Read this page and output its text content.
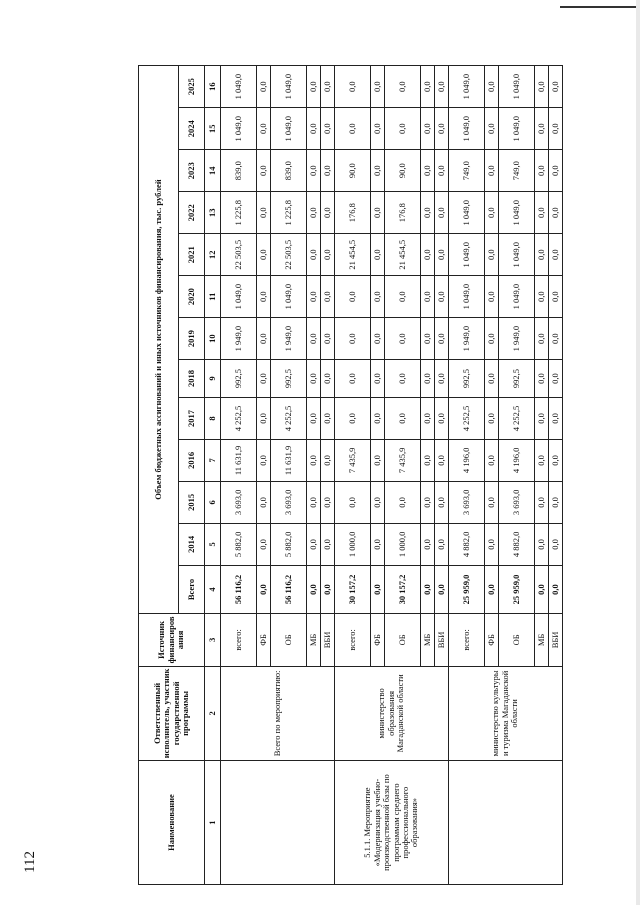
112
Наименование	Ответственный исполнитель, участник государственной программы	Источник финансирования	Объем бюджетных ассигнований и иных источников финансирования, тыс. рублей												
			Всего	2014	2015	2016	2017	2018	2019	2020	2021	2022	2023	2024	2025
1	2	3	4	5	6	7	8	9	10	11	12	13	14	15	16
	Всего по мероприятию:	всего:	56 116,2	5 882,0	3 693,0	11 631,9	4 252,5	992,5	1 949,0	1 049,0	22 503,5	1 225,8	839,0	1 049,0	1 049,0
		ФБ	0,0	0,0	0,0	0,0	0,0	0,0	0,0	0,0	0,0	0,0	0,0	0,0	0,0
		ОБ	56 116,2	5 882,0	3 693,0	11 631,9	4 252,5	992,5	1 949,0	1 049,0	22 503,5	1 225,8	839,0	1 049,0	1 049,0
		МБ	0,0	0,0	0,0	0,0	0,0	0,0	0,0	0,0	0,0	0,0	0,0	0,0	0,0
		ВБИ	0,0	0,0	0,0	0,0	0,0	0,0	0,0	0,0	0,0	0,0	0,0	0,0	0,0
5.1.1. Мероприятие «Модернизация учебно-производственной базы по программам среднего профессионального образования»	министерство образования Магаданской области	всего:	30 157,2	1 000,0	0,0	7 435,9	0,0	0,0	0,0	0,0	21 454,5	176,8	90,0	0,0	0,0
		ФБ	0,0	0,0	0,0	0,0	0,0	0,0	0,0	0,0	0,0	0,0	0,0	0,0	0,0
		ОБ	30 157,2	1 000,0	0,0	7 435,9	0,0	0,0	0,0	0,0	21 454,5	176,8	90,0	0,0	0,0
		МБ	0,0	0,0	0,0	0,0	0,0	0,0	0,0	0,0	0,0	0,0	0,0	0,0	0,0
		ВБИ	0,0	0,0	0,0	0,0	0,0	0,0	0,0	0,0	0,0	0,0	0,0	0,0	0,0
	министерство культуры и туризма Магаданской области	всего:	25 959,0	4 882,0	3 693,0	4 196,0	4 252,5	992,5	1 949,0	1 049,0	1 049,0	1 049,0	749,0	1 049,0	1 049,0
		ФБ	0,0	0,0	0,0	0,0	0,0	0,0	0,0	0,0	0,0	0,0	0,0	0,0	0,0
		ОБ	25 959,0	4 882,0	3 693,0	4 196,0	4 252,5	992,5	1 949,0	1 049,0	1 049,0	1 049,0	749,0	1 049,0	1 049,0
		МБ	0,0	0,0	0,0	0,0	0,0	0,0	0,0	0,0	0,0	0,0	0,0	0,0	0,0
		ВБИ	0,0	0,0	0,0	0,0	0,0	0,0	0,0	0,0	0,0	0,0	0,0	0,0	0,0
